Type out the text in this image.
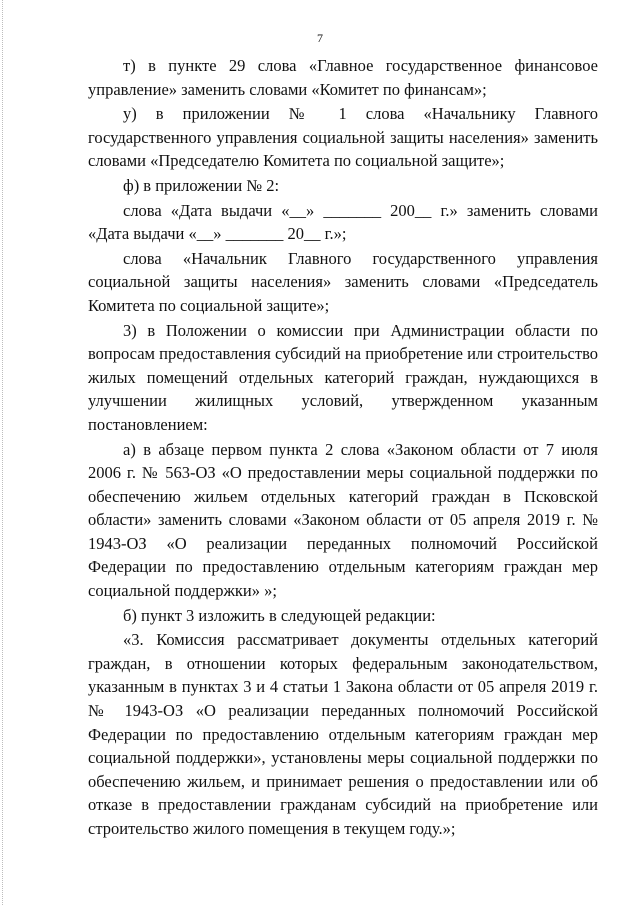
7

т) в пункте 29 слова «Главное государственное финансовое управление» заменить словами «Комитет по финансам»;

у) в приложении № 1 слова «Начальнику Главного государственного управления социальной защиты населения» заменить словами «Председателю Комитета по социальной защите»;

ф) в приложении № 2:

слова «Дата выдачи «__» _______ 200__ г.» заменить словами «Дата выдачи «__» _______ 20__ г.»;

слова «Начальник Главного государственного управления социальной защиты населения» заменить словами «Председатель Комитета по социальной защите»;

3) в Положении о комиссии при Администрации области по вопросам предоставления субсидий на приобретение или строительство жилых помещений отдельных категорий граждан, нуждающихся в улучшении жилищных условий, утвержденном указанным постановлением:

а) в абзаце первом пункта 2 слова «Законом области от 7 июля 2006 г. № 563-ОЗ «О предоставлении меры социальной поддержки по обеспечению жильем отдельных категорий граждан в Псковской области» заменить словами «Законом области от 05 апреля 2019 г. № 1943-ОЗ «О реализации переданных полномочий Российской Федерации по предоставлению отдельным категориям граждан мер социальной поддержки» »;

б) пункт 3 изложить в следующей редакции:

«3. Комиссия рассматривает документы отдельных категорий граждан, в отношении которых федеральным законодательством, указанным в пунктах 3 и 4 статьи 1 Закона области от 05 апреля 2019 г. № 1943-ОЗ «О реализации переданных полномочий Российской Федерации по предоставлению отдельным категориям граждан мер социальной поддержки», установлены меры социальной поддержки по обеспечению жильем, и принимает решения о предоставлении или об отказе в предоставлении гражданам субсидий на приобретение или строительство жилого помещения в текущем году.»;
